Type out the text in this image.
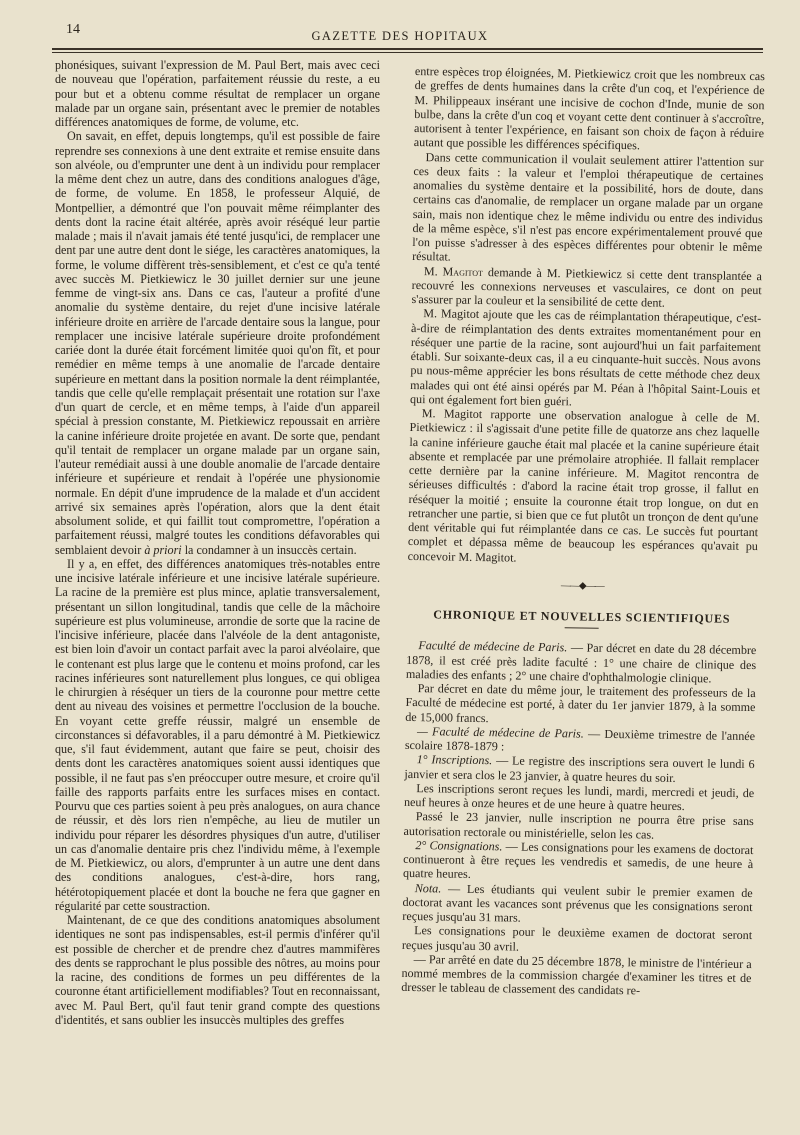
14	GAZETTE DES HOPITAUX

phonésiques, suivant l'expression de M. Paul Bert, mais avec ceci de nouveau que l'opération, parfaitement réussie du reste, a eu pour but et a obtenu comme résultat de remplacer un organe malade par un organe sain, présentant avec le premier de notables différences anatomiques de forme, de volume, etc.

On savait, en effet, depuis longtemps, qu'il est possible de faire reprendre ses connexions à une dent extraite et remise ensuite dans son alvéole, ou d'emprunter une dent à un individu pour remplacer la même dent chez un autre, dans des conditions analogues d'âge, de forme, de volume. En 1858, le professeur Alquié, de Montpellier, a démontré que l'on pouvait même réimplanter des dents dont la racine était altérée, après avoir réséqué leur partie malade ; mais il n'avait jamais été tenté jusqu'ici, de remplacer une dent par une autre dent dont le siége, les caractères anatomiques, la forme, le volume diffèrent très-sensiblement, et c'est ce qu'a tenté avec succès M. Pietkiewicz le 30 juillet dernier sur une jeune femme de vingt-six ans. Dans ce cas, l'auteur a profité d'une anomalie du système dentaire, du rejet d'une incisive latérale inférieure droite en arrière de l'arcade dentaire sous la langue, pour remplacer une incisive latérale supérieure droite profondément cariée dont la durée était forcément limitée quoi qu'on fît, et pour remédier en même temps à une anomalie de l'arcade dentaire supérieure en mettant dans la position normale la dent réimplantée, tandis que celle qu'elle remplaçait présentait une rotation sur l'axe d'un quart de cercle, et en même temps, à l'aide d'un appareil spécial à pression constante, M. Pietkiewicz repoussait en arrière la canine inférieure droite projetée en avant. De sorte que, pendant qu'il tentait de remplacer un organe malade par un organe sain, l'auteur remédiait aussi à une double anomalie de l'arcade dentaire inférieure et supérieure et rendait à l'opérée une physionomie normale. En dépit d'une imprudence de la malade et d'un accident arrivé six semaines après l'opération, alors que la dent était absolument solide, et qui faillit tout compromettre, l'opération a parfaitement réussi, malgré toutes les conditions défavorables qui semblaient devoir à priori la condamner à un insuccès certain.

Il y a, en effet, des différences anatomiques très-notables entre une incisive latérale inférieure et une incisive latérale supérieure. La racine de la première est plus mince, aplatie transversalement, présentant un sillon longitudinal, tandis que celle de la mâchoire supérieure est plus volumineuse, arrondie de sorte que la racine de l'incisive inférieure, placée dans l'alvéole de la dent antagoniste, est bien loin d'avoir un contact parfait avec la paroi alvéolaire, que le contenant est plus large que le contenu et moins profond, car les racines inférieures sont naturellement plus longues, ce qui obligea le chirurgien à réséquer un tiers de la couronne pour mettre cette dent au niveau des voisines et permettre l'occlusion de la bouche. En voyant cette greffe réussir, malgré un ensemble de circonstances si défavorables, il a paru démontré à M. Pietkiewicz que, s'il faut évidemment, autant que faire se peut, choisir des dents dont les caractères anatomiques soient aussi identiques que possible, il ne faut pas s'en préoccuper outre mesure, et croire qu'il faille des rapports parfaits entre les surfaces mises en contact. Pourvu que ces parties soient à peu près analogues, on aura chance de réussir, et dès lors rien n'empêche, au lieu de mutiler un individu pour réparer les désordres physiques d'un autre, d'utiliser un cas d'anomalie dentaire pris chez l'individu même, à l'exemple de M. Pietkiewicz, ou alors, d'emprunter à un autre une dent dans des conditions analogues, c'est-à-dire, hors rang, hétérotopiquement placée et dont la bouche ne fera que gagner en régularité par cette soustraction.

Maintenant, de ce que des conditions anatomiques absolument identiques ne sont pas indispensables, est-il permis d'inférer qu'il est possible de chercher et de prendre chez d'autres mammifères des dents se rapprochant le plus possible des nôtres, au moins pour la racine, des conditions de formes un peu différentes de la couronne étant artificiellement modifiables? Tout en reconnaissant, avec M. Paul Bert, qu'il faut tenir grand compte des questions d'identités, et sans oublier les insuccès multiples des greffes

entre espèces trop éloignées, M. Pietkiewicz croit que les nombreux cas de greffes de dents humaines dans la crête d'un coq, et l'expérience de M. Philippeaux insérant une incisive de cochon d'Inde, munie de son bulbe, dans la crête d'un coq et voyant cette dent continuer à s'accroître, autorisent à tenter l'expérience, en faisant son choix de façon à réduire autant que possible les différences spécifiques.

Dans cette communication il voulait seulement attirer l'attention sur ces deux faits : la valeur et l'emploi thérapeutique de certaines anomalies du système dentaire et la possibilité, hors de doute, dans certains cas d'anomalie, de remplacer un organe malade par un organe sain, mais non identique chez le même individu ou entre des individus de la même espèce, s'il n'est pas encore expérimentalement prouvé que l'on puisse s'adresser à des espèces différentes pour obtenir le même résultat.

M. Magitot demande à M. Pietkiewicz si cette dent transplantée a recouvré les connexions nerveuses et vasculaires, ce dont on peut s'assurer par la couleur et la sensibilité de cette dent.

M. Magitot ajoute que les cas de réimplantation thérapeutique, c'est-à-dire de réimplantation des dents extraites momentanément pour en réséquer une partie de la racine, sont aujourd'hui un fait parfaitement établi. Sur soixante-deux cas, il a eu cinquante-huit succès. Nous avons pu nous-même apprécier les bons résultats de cette méthode chez deux malades qui ont été ainsi opérés par M. Péan à l'hôpital Saint-Louis et qui ont également fort bien guéri.

M. Magitot rapporte une observation analogue à celle de M. Pietkiewicz : il s'agissait d'une petite fille de quatorze ans chez laquelle la canine inférieure gauche était mal placée et la canine supérieure était absente et remplacée par une prémolaire atrophiée. Il fallait remplacer cette dernière par la canine inférieure. M. Magitot rencontra de sérieuses difficultés : d'abord la racine était trop grosse, il fallut en réséquer la moitié ; ensuite la couronne était trop longue, on dut en retrancher une partie, si bien que ce fut plutôt un tronçon de dent qu'une dent véritable qui fut réimplantée dans ce cas. Le succès fut pourtant complet et dépassa même de beaucoup les espérances qu'avait pu concevoir M. Magitot.

——◆——
CHRONIQUE ET NOUVELLES SCIENTIFIQUES

Faculté de médecine de Paris. — Par décret en date du 28 décembre 1878, il est créé près ladite faculté : 1° une chaire de clinique des maladies des enfants ; 2° une chaire d'ophthalmologie clinique.

Par décret en date du même jour, le traitement des professeurs de la Faculté de médecine est porté, à dater du 1er janvier 1879, à la somme de 15,000 francs.

— Faculté de médecine de Paris. — Deuxième trimestre de l'année scolaire 1878-1879 :

1° Inscriptions. — Le registre des inscriptions sera ouvert le lundi 6 janvier et sera clos le 23 janvier, à quatre heures du soir.

Les inscriptions seront reçues les lundi, mardi, mercredi et jeudi, de neuf heures à onze heures et de une heure à quatre heures.

Passé le 23 janvier, nulle inscription ne pourra être prise sans autorisation rectorale ou ministérielle, selon les cas.

2° Consignations. — Les consignations pour les examens de doctorat continueront à être reçues les vendredis et samedis, de une heure à quatre heures.

Nota. — Les étudiants qui veulent subir le premier examen de doctorat avant les vacances sont prévenus que les consignations seront reçues jusqu'au 31 mars.

Les consignations pour le deuxième examen de doctorat seront reçues jusqu'au 30 avril.

— Par arrêté en date du 25 décembre 1878, le ministre de l'intérieur a nommé membres de la commission chargée d'examiner les titres et de dresser le tableau de classement des candidats re-
